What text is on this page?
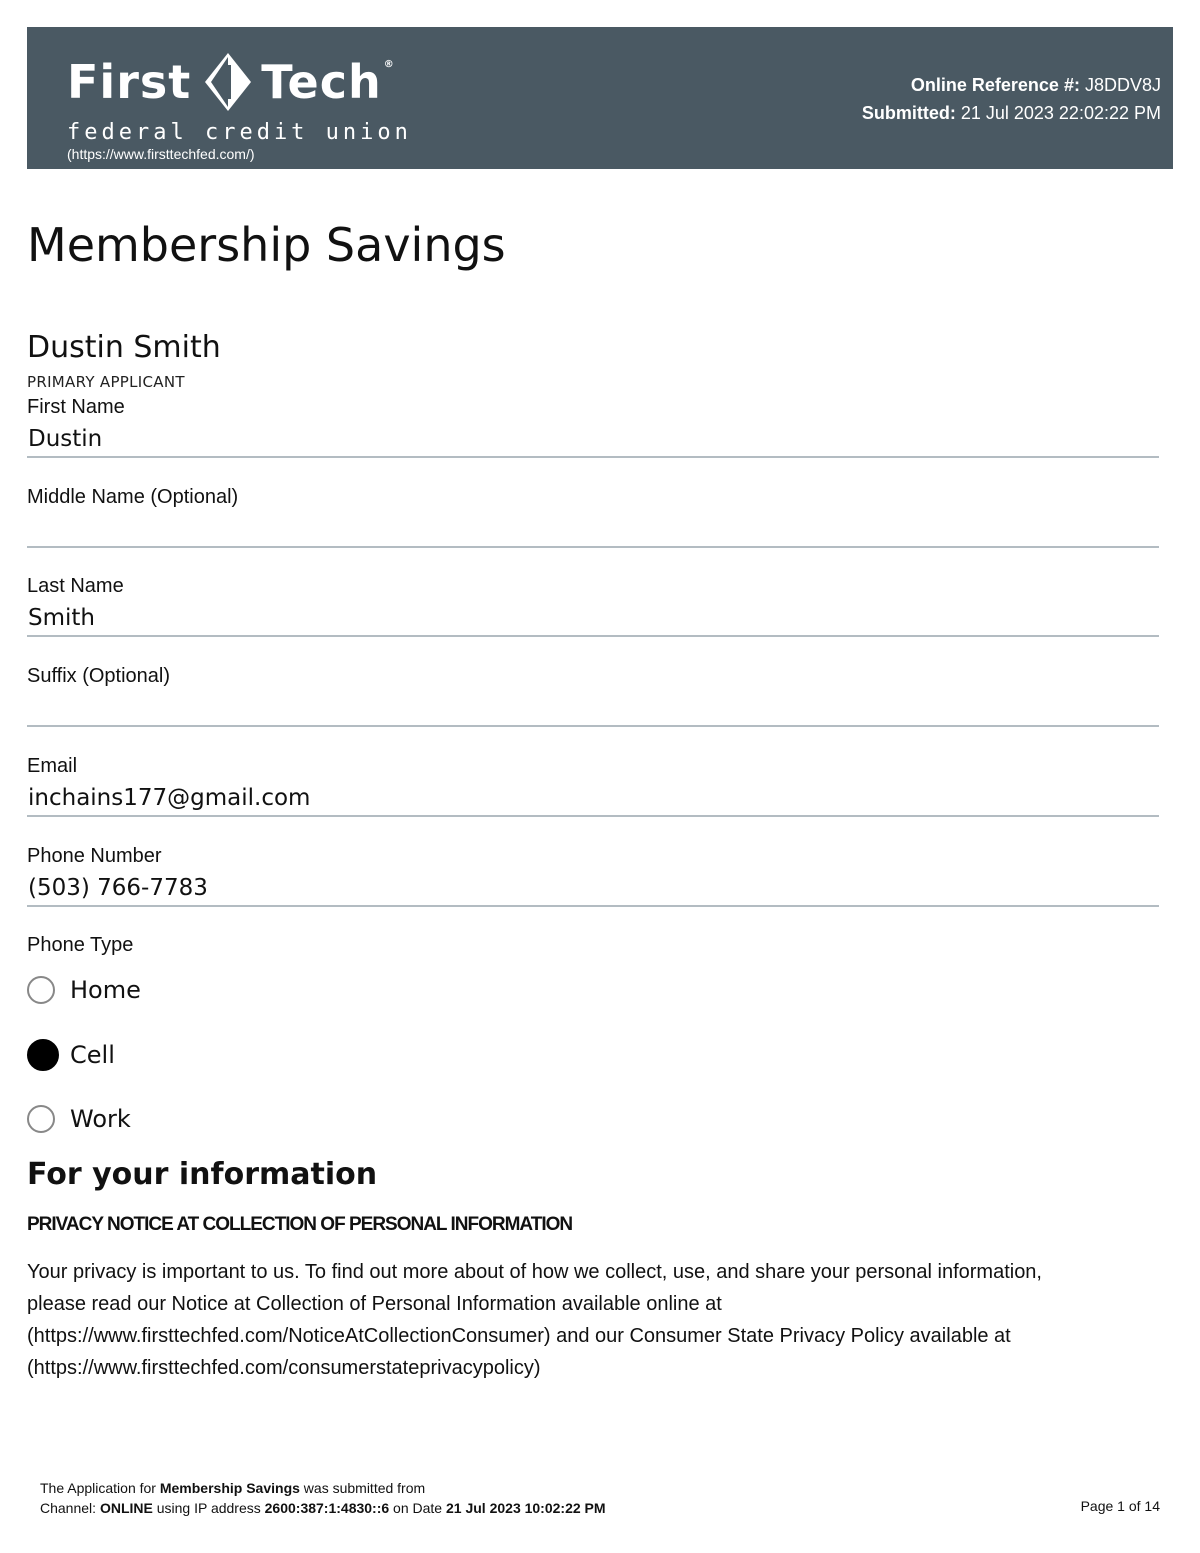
First Tech ®
federal credit union
(https://www.firsttechfed.com/)
Online Reference #: J8DDV8J
Submitted: 21 Jul 2023 22:02:22 PM
Membership Savings
Dustin Smith
PRIMARY APPLICANT
First Name
Dustin
Middle Name (Optional)
Last Name
Smith
Suffix (Optional)
Email
inchains177@gmail.com
Phone Number
(503) 766-7783
Phone Type
Home
Cell
Work
For your information
PRIVACY NOTICE AT COLLECTION OF PERSONAL INFORMATION

Your privacy is important to us. To find out more about of how we collect, use, and share your personal information,

please read our Notice at Collection of Personal Information available online at

(https://www.firsttechfed.com/NoticeAtCollectionConsumer) and our Consumer State Privacy Policy available at

(https://www.firsttechfed.com/consumerstateprivacypolicy)

The Application for Membership Savings was submitted from
Channel: ONLINE using IP address 2600:387:1:4830::6 on Date 21 Jul 2023 10:02:22 PM	Page 1 of 14
